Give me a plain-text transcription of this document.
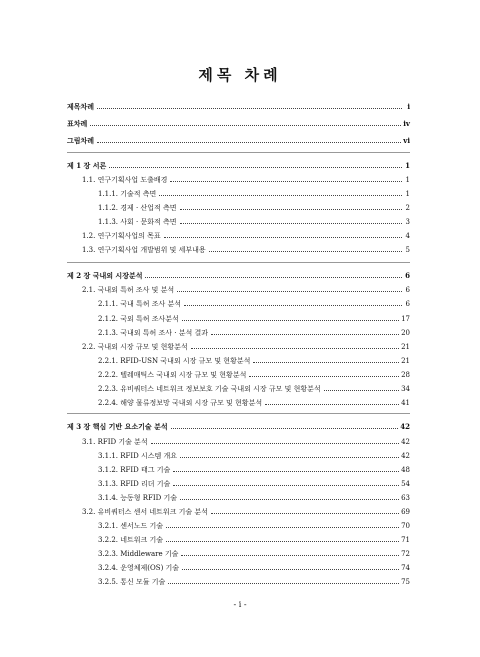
제목 차례
- i -
제목차례	i
표차례	iv
그림차례	vi
제 1 장 서론	1
1.1. 연구기획사업 도출배경	1
1.1.1. 기술적 측면	1
1.1.2. 경제 · 산업적 측면	2
1.1.3. 사회 · 문화적 측면	3
1.2. 연구기획사업의 목표	4
1.3. 연구기획사업 개발범위 및 세부내용	5
제 2 장 국내외 시장분석	6
2.1. 국내외 특허 조사 및 분석	6
2.1.1. 국내 특허 조사 분석	6
2.1.2. 국외 특허 조사분석	17
2.1.3. 국내외 특허 조사 · 분석 결과	20
2.2. 국내외 시장 규모 및 현황분석	21
2.2.1. RFID-USN 국내외 시장 규모 및 현황분석	21
2.2.2. 텔레매틱스 국내외 시장 규모 및 현황분석	28
2.2.3. 유비쿼터스 네트워크 정보보호 기술 국내외 시장 규모 및 현황분석	34
2.2.4. 해양 물류정보망 국내외 시장 규모 및 현황분석	41
제 3 장 핵심 기반 요소기술 분석	42
3.1. RFID 기술 분석	42
3.1.1. RFID 시스템 개요	42
3.1.2. RFID 태그 기술	48
3.1.3. RFID 리더 기술	54
3.1.4. 능동형 RFID 기술	63
3.2. 유비쿼터스 센서 네트워크 기술 분석	69
3.2.1. 센서노드 기술	70
3.2.2. 네트워크 기술	71
3.2.3. Middleware 기술	72
3.2.4. 운영체제(OS) 기술	74
3.2.5. 통신 모듈 기술	75
